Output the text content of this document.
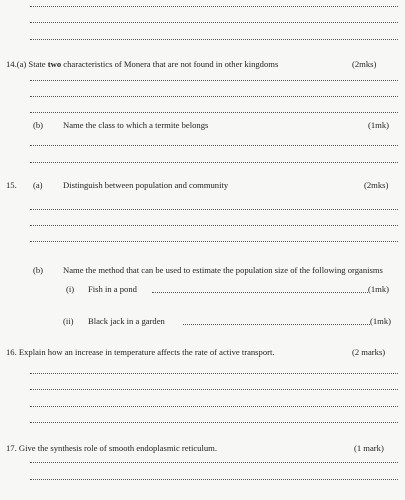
14.(a) State two characteristics of Monera that are not found in other kingdoms	(2mks)
(b) Name the class to which a termite belongs	(1mk)
15. (a) Distinguish between population and community	(2mks)
(b) Name the method that can be used to estimate the population size of the following organisms
(i) Fish in a pond	(1mk)
(ii) Black jack in a garden	(1mk)
16. Explain how an increase in temperature affects the rate of active transport.	(2 marks)
17. Give the synthesis role of smooth endoplasmic reticulum.	(1 mark)
